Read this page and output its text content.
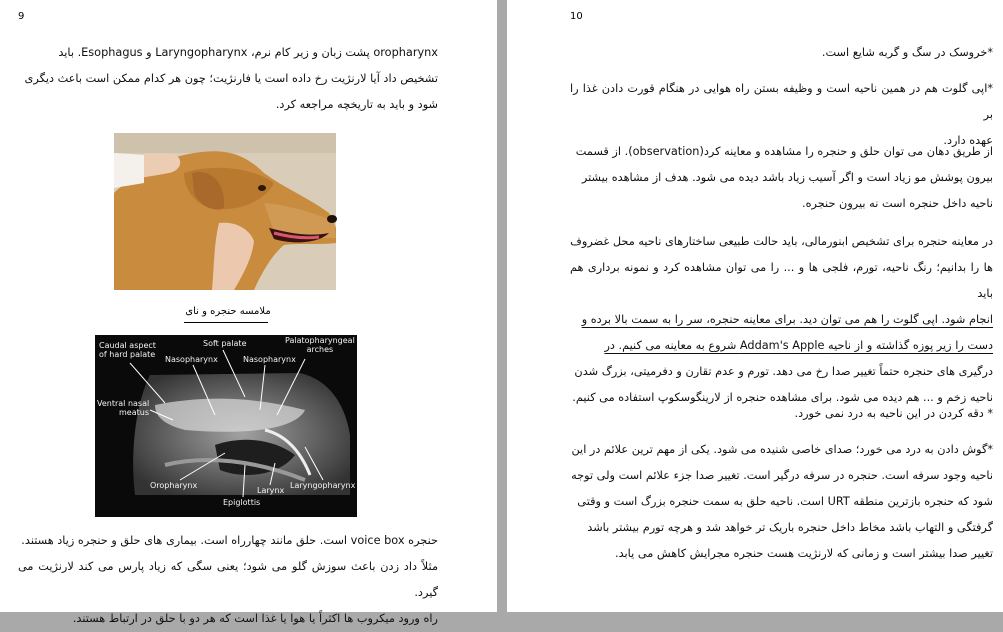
9
oropharynx پشت زبان و زیر کام نرم، Laryngopharynx و Esophagus. باید
تشخیص داد آیا لارنژیت رخ داده است یا فارنژیت؛ چون هر کدام ممکن است باعث دیگری
شود و باید به تاریخچه مراجعه کرد.
ملامسه حنجره و نای
Caudal aspect
of hard palate
Soft palate	Palatopharyngeal
arches
Nasopharynx	Nasopharynx
Ventral nasal
meatus
Oropharynx
Larynx
Laryngopharynx
Epiglottis
حنجره voice box است. حلق مانند چهارراه است. بیماری های حلق و حنجره زیاد هستند.
مثلاً داد زدن باعث سوزش گلو می شود؛ یعنی سگی که زیاد پارس می کند لارنژیت می گیرد.
راه ورود میکروب ها اکثراً یا هوا یا غذا است که هر دو با حلق در ارتباط هستند.
10
*خروسک در سگ و گربه شایع است.
*اپی گلوت هم در همین ناحیه است و وظیفه بستن راه هوایی در هنگام قورت دادن غذا را بر
عهده دارد.
از طریق دهان می توان حلق و حنجره را مشاهده و معاینه کرد(observation). از قسمت
بیرون پوشش مو زیاد است و اگر آسیب زیاد باشد دیده می شود. هدف از مشاهده بیشتر
ناحیه داخل حنجره است نه بیرون حنجره.
در معاینه حنجره برای تشخیص ابنورمالی، باید حالت طبیعی ساختارهای ناحیه محل غضروف
ها را بدانیم؛ رنگ ناحیه، تورم، فلجی ها و ... را می توان مشاهده کرد و نمونه برداری هم باید
انجام شود. اپی گلوت را هم می توان دید. برای معاینه حنجره، سر را به سمت بالا برده و
دست را زیر پوزه گذاشته و از ناحیه Addam's Apple شروع به معاینه می کنیم. در
درگیری های حنجره حتماً تغییر صدا رخ می دهد. تورم و عدم تقارن و دفرمیتی، بزرگ شدن
ناحیه زخم و ... هم دیده می شود. برای مشاهده حنجره از لارینگوسکوپ استفاده می کنیم.
* دقه کردن در این ناحیه به درد نمی خورد.
*گوش دادن به درد می خورد؛ صدای خاصی شنیده می شود. یکی از مهم ترین علائم در این
ناحیه وجود سرفه است. حنجره در سرفه درگیر است. تغییر صدا جزء علائم است ولی توجه
شود که حنجره بازترین منطقه URT است. ناحیه حلق به سمت حنجره بزرگ است و وقتی
گرفتگی و التهاب باشد مخاط داخل حنجره باریک تر خواهد شد و هرچه تورم بیشتر باشد
تغییر صدا بیشتر است و زمانی که لارنژیت هست حنجره مجرایش کاهش می یابد.
